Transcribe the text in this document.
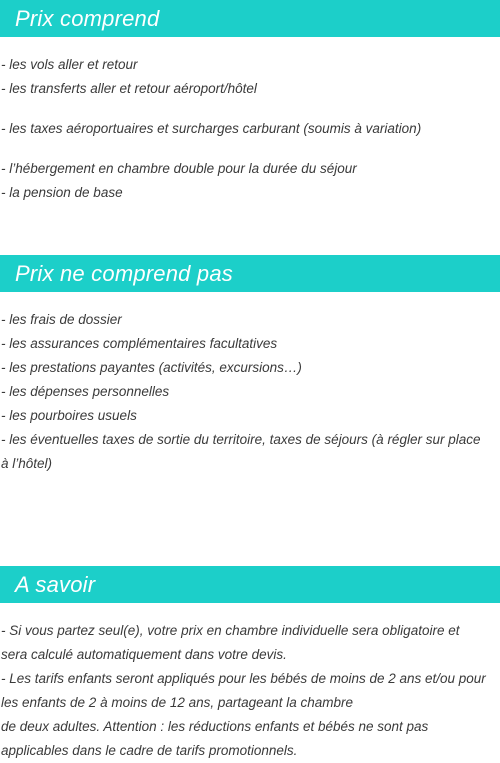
Prix comprend
- les vols aller et retour
- les transferts aller et retour aéroport/hôtel
- les taxes aéroportuaires et surcharges carburant (soumis à variation)
- l’hébergement en chambre double pour la durée du séjour
- la pension de base
Prix ne comprend pas
- les frais de dossier
- les assurances complémentaires facultatives
- les prestations payantes (activités, excursions…)
- les dépenses personnelles
- les pourboires usuels
- les éventuelles taxes de sortie du territoire, taxes de séjours (à régler sur place
à l’hôtel)
A savoir
- Si vous partez seul(e), votre prix en chambre individuelle sera obligatoire et
sera calculé automatiquement dans votre devis.
- Les tarifs enfants seront appliqués pour les bébés de moins de 2 ans et/ou pour
les enfants de 2 à moins de 12 ans, partageant la chambre
de deux adultes. Attention : les réductions enfants et bébés ne sont pas
applicables dans le cadre de tarifs promotionnels.
